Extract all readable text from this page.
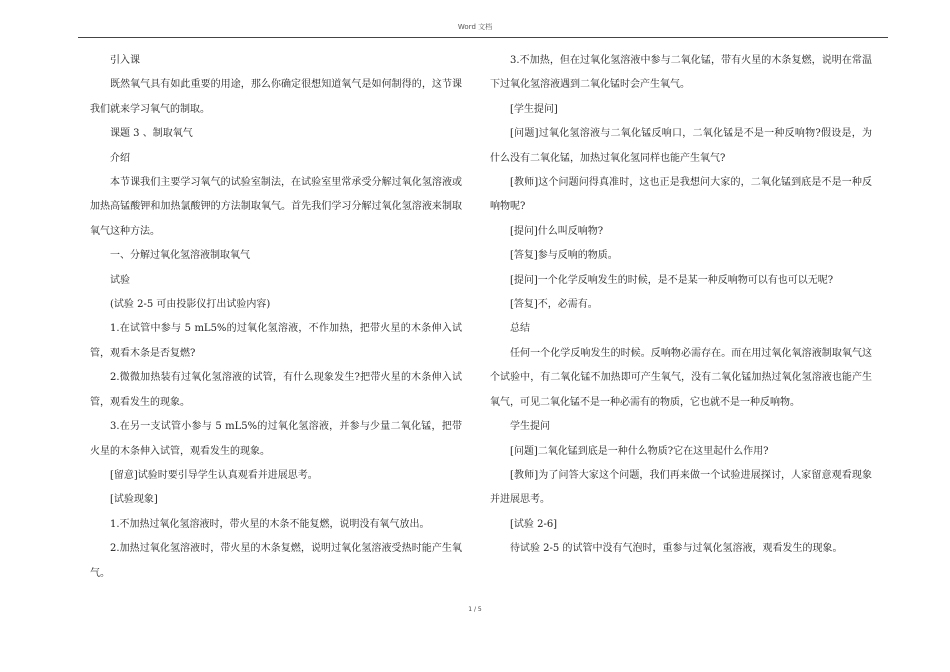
Word 文档

引入课

既然氧气具有如此重要的用途，那么你确定很想知道氧气是如何制得的，这节课我们就来学习氧气的制取。

课题 3 、制取氧气

介绍

本节课我们主要学习氧气的试验室制法，在试验室里常承受分解过氧化氢溶液或加热高锰酸钾和加热氯酸钾的方法制取氧气。首先我们学习分解过氧化氢溶液来制取氧气这种方法。

一、分解过氧化氢溶液制取氧气

试验

(试验 2-5 可由投影仪打出试验内容)

1.在试管中参与 5 mL5%的过氧化氢溶液，不作加热，把带火星的木条伸入试管，观看木条是否复燃?

2.微微加热装有过氧化氢溶液的试管，有什么现象发生?把带火星的木条伸入试管，观看发生的现象。

3.在另一支试管小参与 5 mL5%的过氧化氢溶液，并参与少量二氧化锰，把带火星的木条伸入试管，观看发生的现象。

[留意]试验时要引导学生认真观看并进展思考。

[试验现象]

1.不加热过氧化氢溶液时，带火星的木条不能复燃，说明没有氧气放出。

2.加热过氧化氢溶液时，带火星的木条复燃，说明过氧化氢溶液受热时能产生氧气。

3.不加热，但在过氧化氢溶液中参与二氧化锰，带有火星的木条复燃，说明在常温下过氧化氢溶液遇到二氧化锰时会产生氧气。

[学生提问]

[问题]过氧化氢溶液与二氧化锰反响口，二氧化锰是不是一种反响物?假设是，为什么没有二氧化锰，加热过氧化氢同样也能产生氧气?

[教师]这个问题问得真准时，这也正是我想问大家的，二氧化锰到底是不是一种反响物呢?

[提问]什么叫反响物?

[答复]参与反响的物质。

[提问]一个化学反响发生的时候，是不是某一种反响物可以有也可以无呢?

[答复]不，必需有。

总结

任何一个化学反响发生的时候。反响物必需存在。而在用过氧化氧溶液制取氧气这个试验中，有二氧化锰不加热即可产生氧气，没有二氧化锰加热过氧化氢溶液也能产生氧气，可见二氧化锰不是一种必需有的物质，它也就不是一种反响物。

学生提问

[问题]二氧化锰到底是一种什么物质?它在这里起什么作用?

[教师]为了问答大家这个问题，我们再来做一个试验进展探讨，人家留意观看现象并进展思考。

[试验 2-6]

待试验 2-5 的试管中没有气泡时，重参与过氧化氢溶液，观看发生的现象。

1 / 5
